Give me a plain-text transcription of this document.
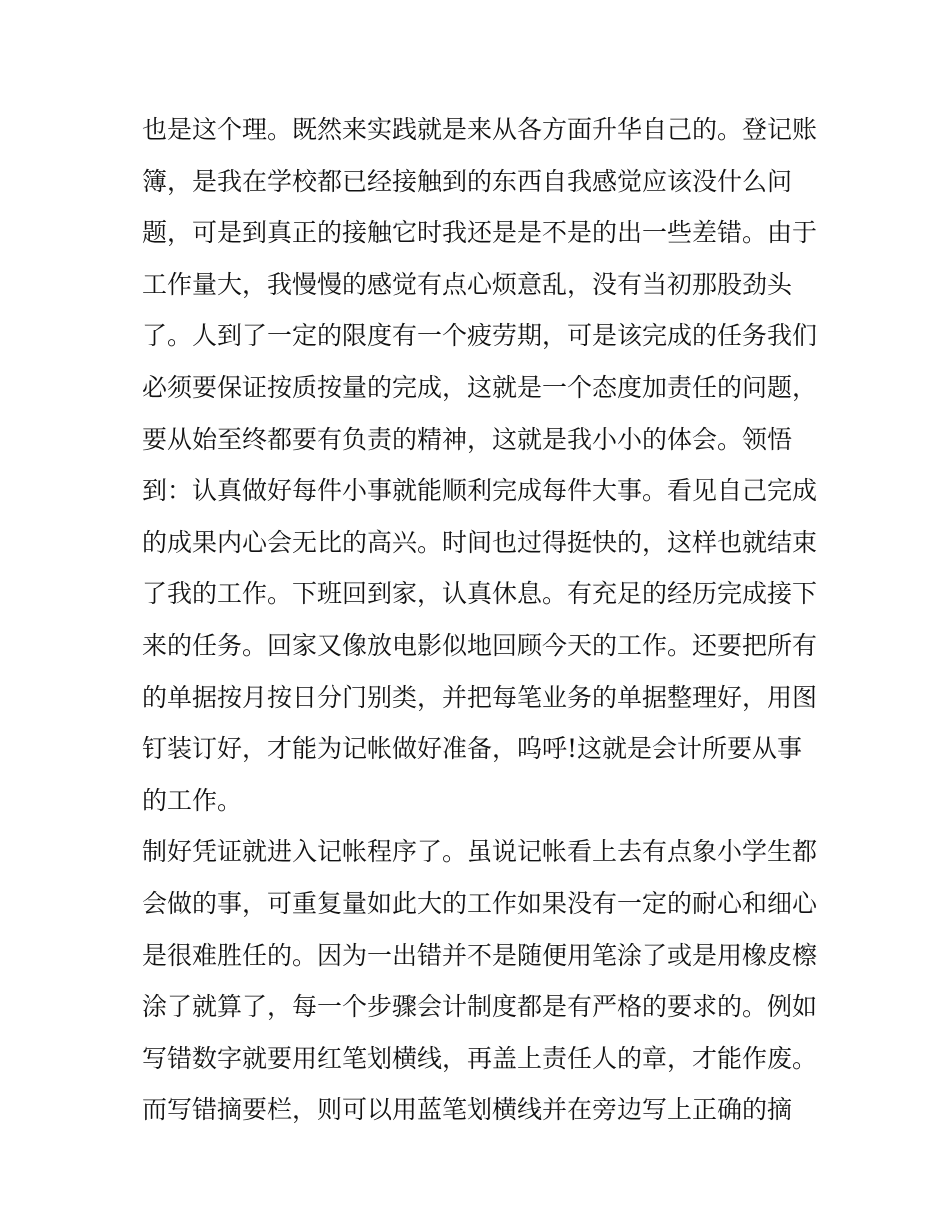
也是这个理。既然来实践就是来从各方面升华自己的。登记账
簿，是我在学校都已经接触到的东西自我感觉应该没什么问
题，可是到真正的接触它时我还是是不是的出一些差错。由于
工作量大，我慢慢的感觉有点心烦意乱，没有当初那股劲头
了。人到了一定的限度有一个疲劳期，可是该完成的任务我们
必须要保证按质按量的完成，这就是一个态度加责任的问题，
要从始至终都要有负责的精神，这就是我小小的体会。领悟
到：认真做好每件小事就能顺利完成每件大事。看见自己完成
的成果内心会无比的高兴。时间也过得挺快的，这样也就结束
了我的工作。下班回到家，认真休息。有充足的经历完成接下
来的任务。回家又像放电影似地回顾今天的工作。还要把所有
的单据按月按日分门别类，并把每笔业务的单据整理好，用图
钉装订好，才能为记帐做好准备，呜呼!这就是会计所要从事
的工作。
制好凭证就进入记帐程序了。虽说记帐看上去有点象小学生都
会做的事，可重复量如此大的工作如果没有一定的耐心和细心
是很难胜任的。因为一出错并不是随便用笔涂了或是用橡皮檫
涂了就算了，每一个步骤会计制度都是有严格的要求的。例如
写错数字就要用红笔划横线，再盖上责任人的章，才能作废。
而写错摘要栏，则可以用蓝笔划横线并在旁边写上正确的摘
